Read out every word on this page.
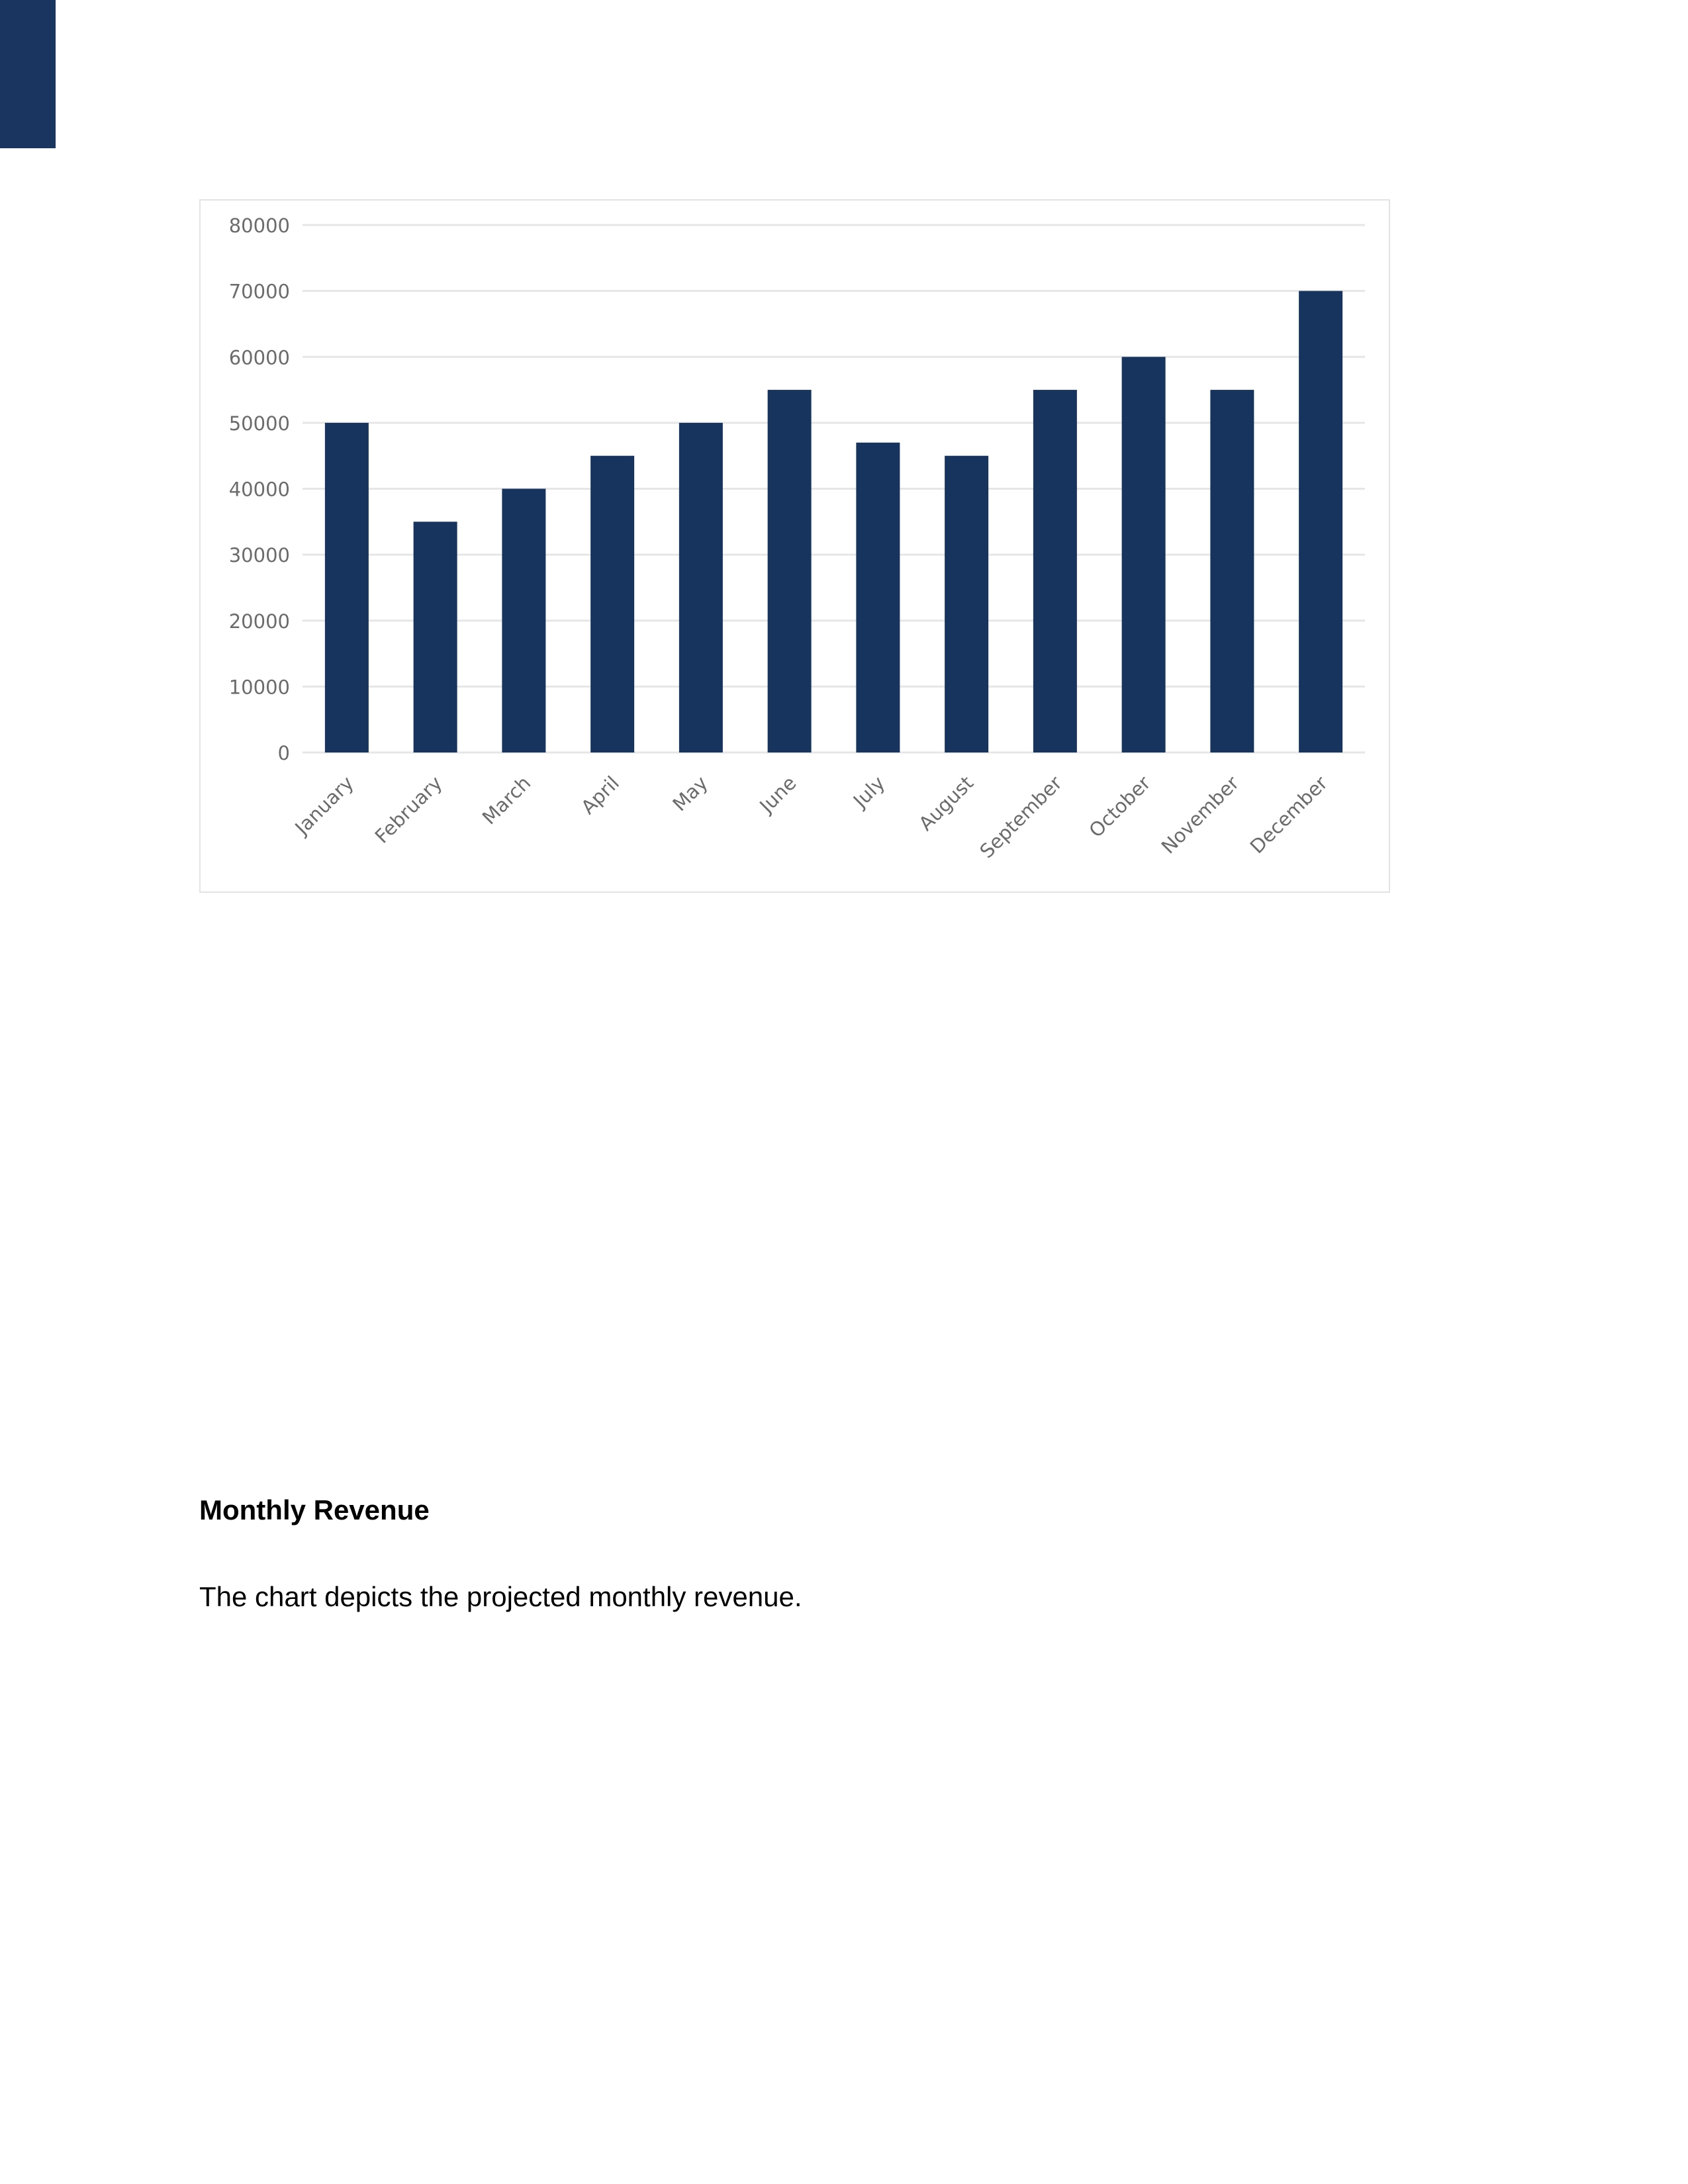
0
10000
20000
30000
40000
50000
60000
70000
80000
January February March April May June	July August
September October November December
Monthly Revenue

The chart depicts the projected monthly revenue.
